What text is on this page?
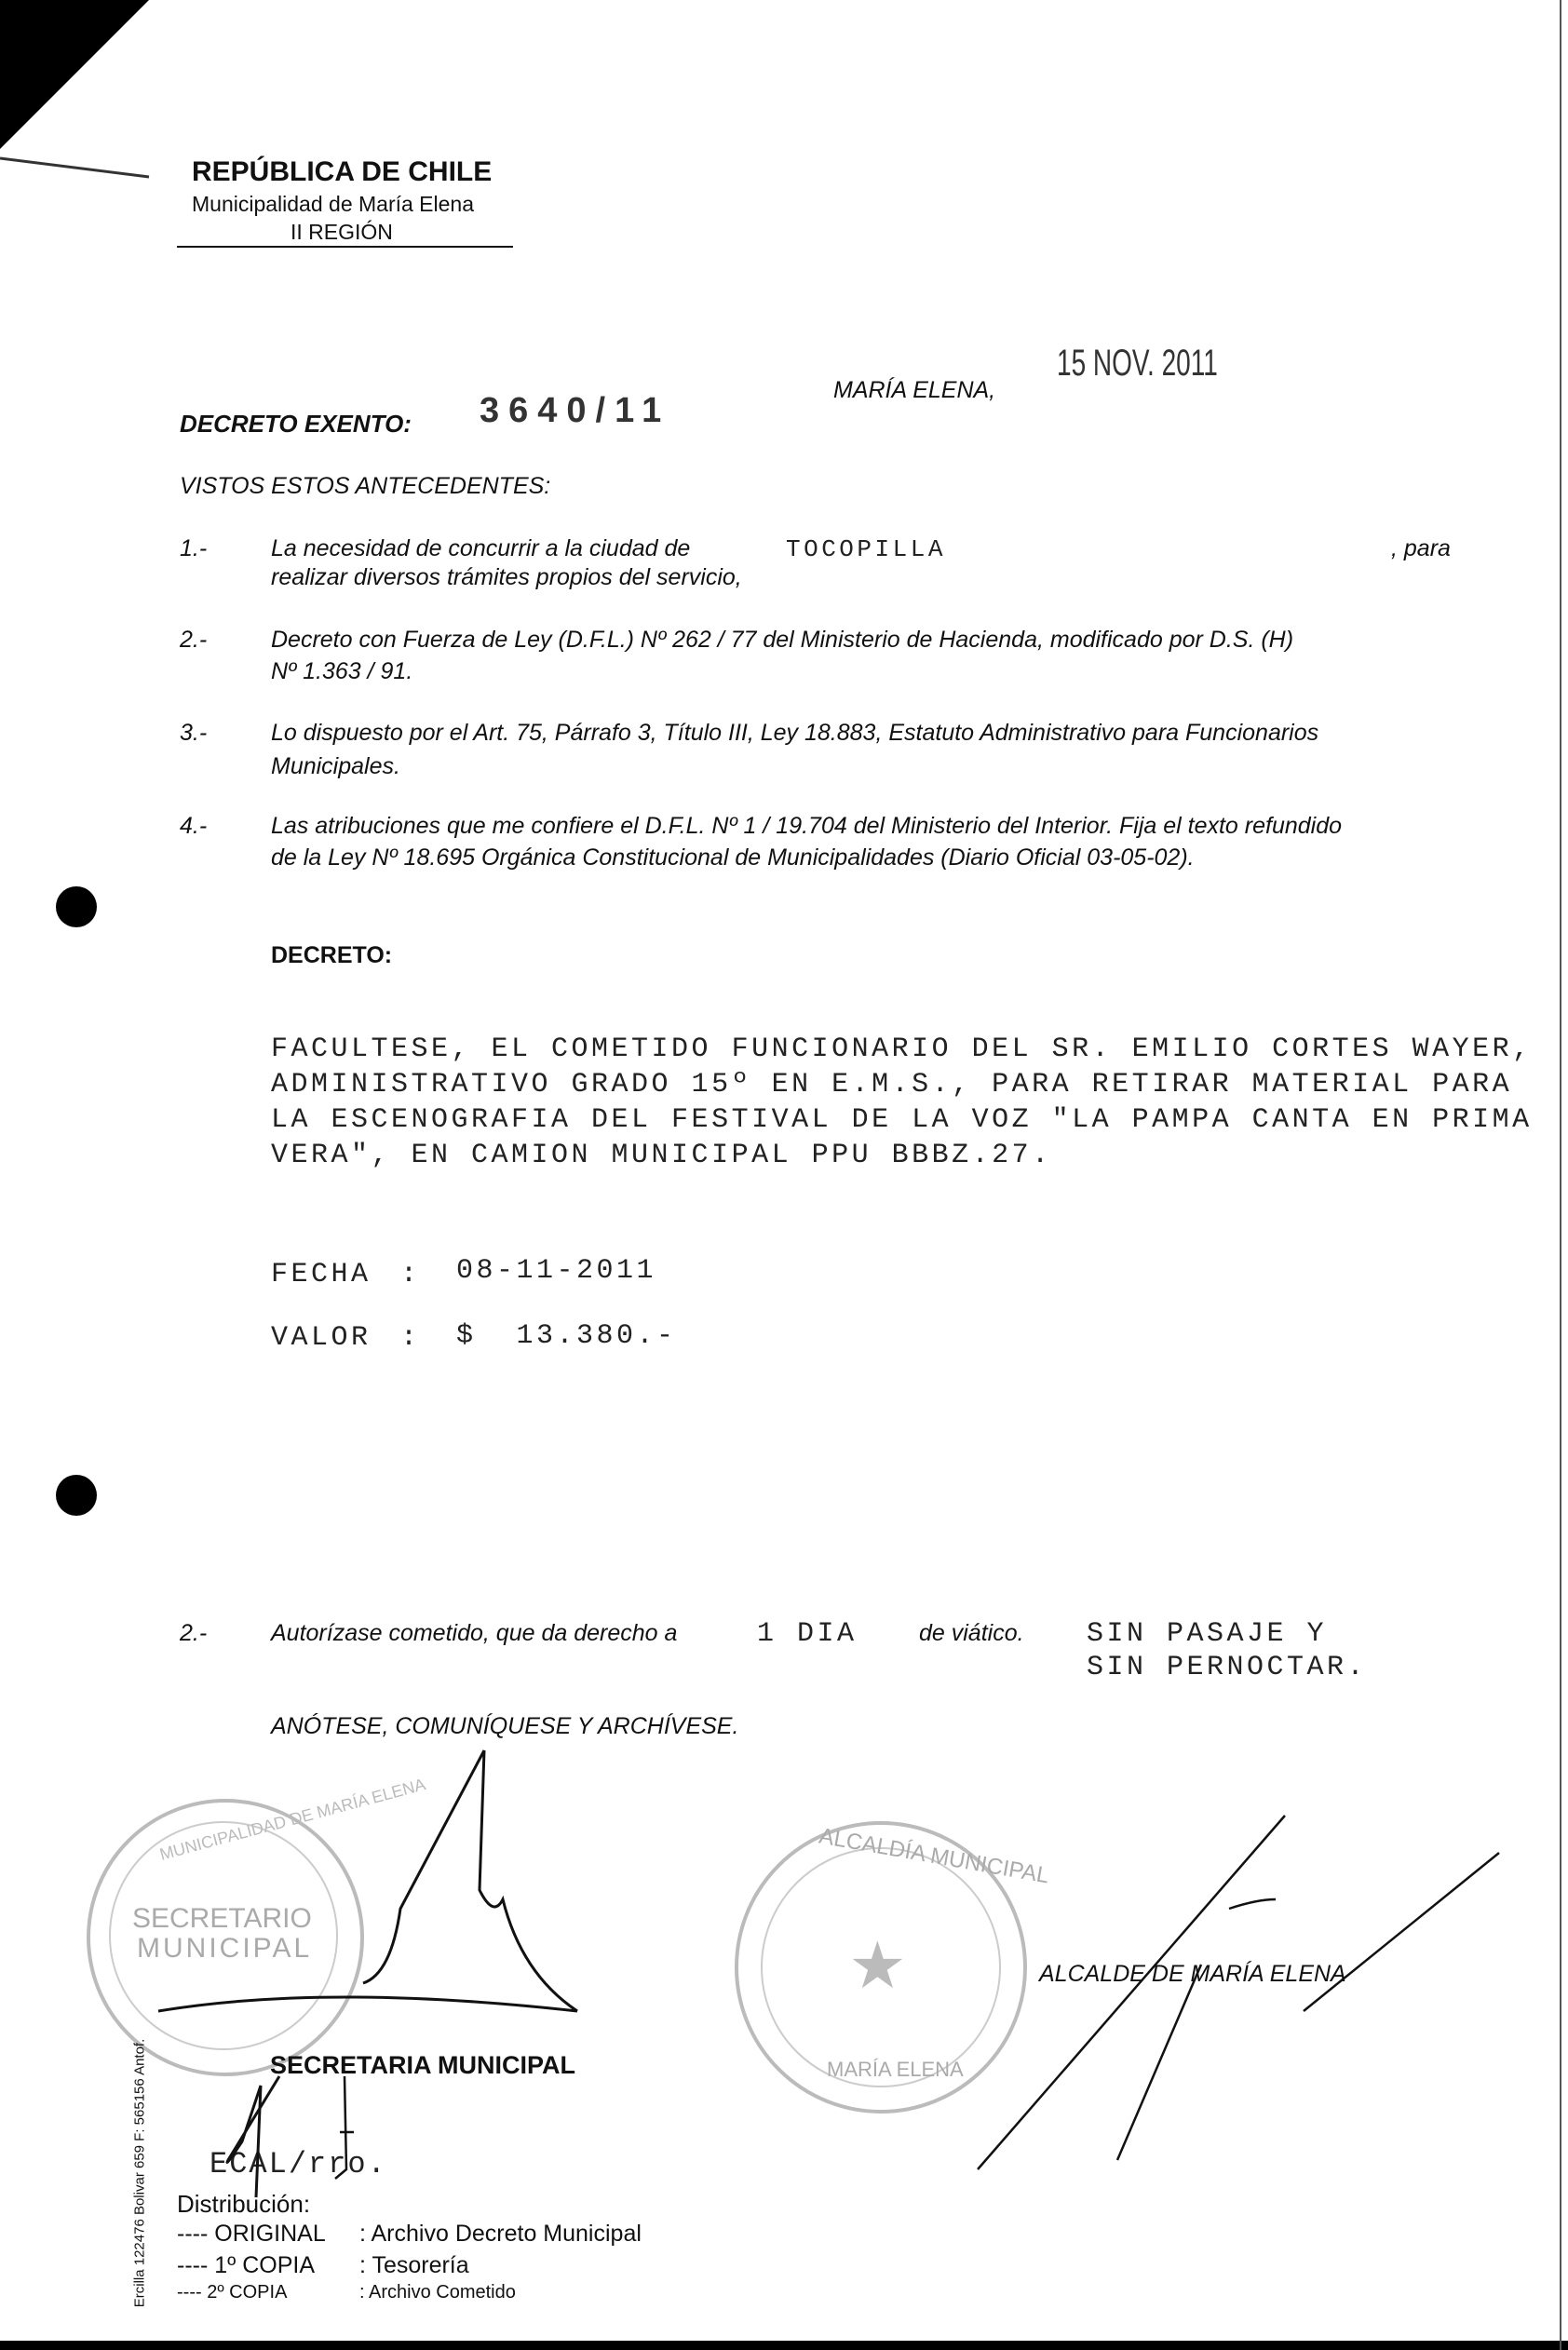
REPÚBLICA DE CHILE
Municipalidad de María Elena
II REGIÓN
DECRETO EXENTO: 3640/11
MARÍA ELENA,
15 NOV. 2011
VISTOS ESTOS ANTECEDENTES:
1.-	La necesidad de concurrir a la ciudad de	TOCOPILLA	, para
realizar diversos trámites propios del servicio,
2.-	Decreto con Fuerza de Ley (D.F.L.) Nº 262 / 77 del Ministerio de Hacienda, modificado por D.S. (H)
Nº 1.363 / 91.
3.-	Lo dispuesto por el Art. 75, Párrafo 3, Título III, Ley 18.883, Estatuto Administrativo para Funcionarios
Municipales.
4.-	Las atribuciones que me confiere el D.F.L. Nº 1 / 19.704 del Ministerio del Interior. Fija el texto refundido
de la Ley Nº 18.695 Orgánica Constitucional de Municipalidades (Diario Oficial 03-05-02).
DECRETO:
FACULTESE, EL COMETIDO FUNCIONARIO DEL SR. EMILIO CORTES WAYER,
ADMINISTRATIVO GRADO 15º EN E.M.S., PARA RETIRAR MATERIAL PARA
LA ESCENOGRAFIA DEL FESTIVAL DE LA VOZ "LA PAMPA CANTA EN PRIMA
VERA", EN CAMION MUNICIPAL PPU BBBZ.27.
FECHA : 08-11-2011
VALOR : $  13.380.-
2.-	Autorízase cometido, que da derecho a	1 DIA	de viático. SIN PASAJE Y
SIN PERNOCTAR.
ANÓTESE, COMUNÍQUESE Y ARCHÍVESE.
SECRETARIO
MUNICIPAL
MUNICIPALIDAD DE MARÍA ELENA	ALCALDÍA MUNICIPAL
MARÍA ELENA
★	ALCALDE DE MARÍA ELENA
SECRETARIA MUNICIPAL
ECAL/rro.
Distribución:
---- ORIGINAL : Archivo Decreto Municipal
---- 1º COPIA : Tesorería
---- 2º COPIA	: Archivo Cometido
Ercilla 122476 Bolivar 659 F: 565156 Antof.
